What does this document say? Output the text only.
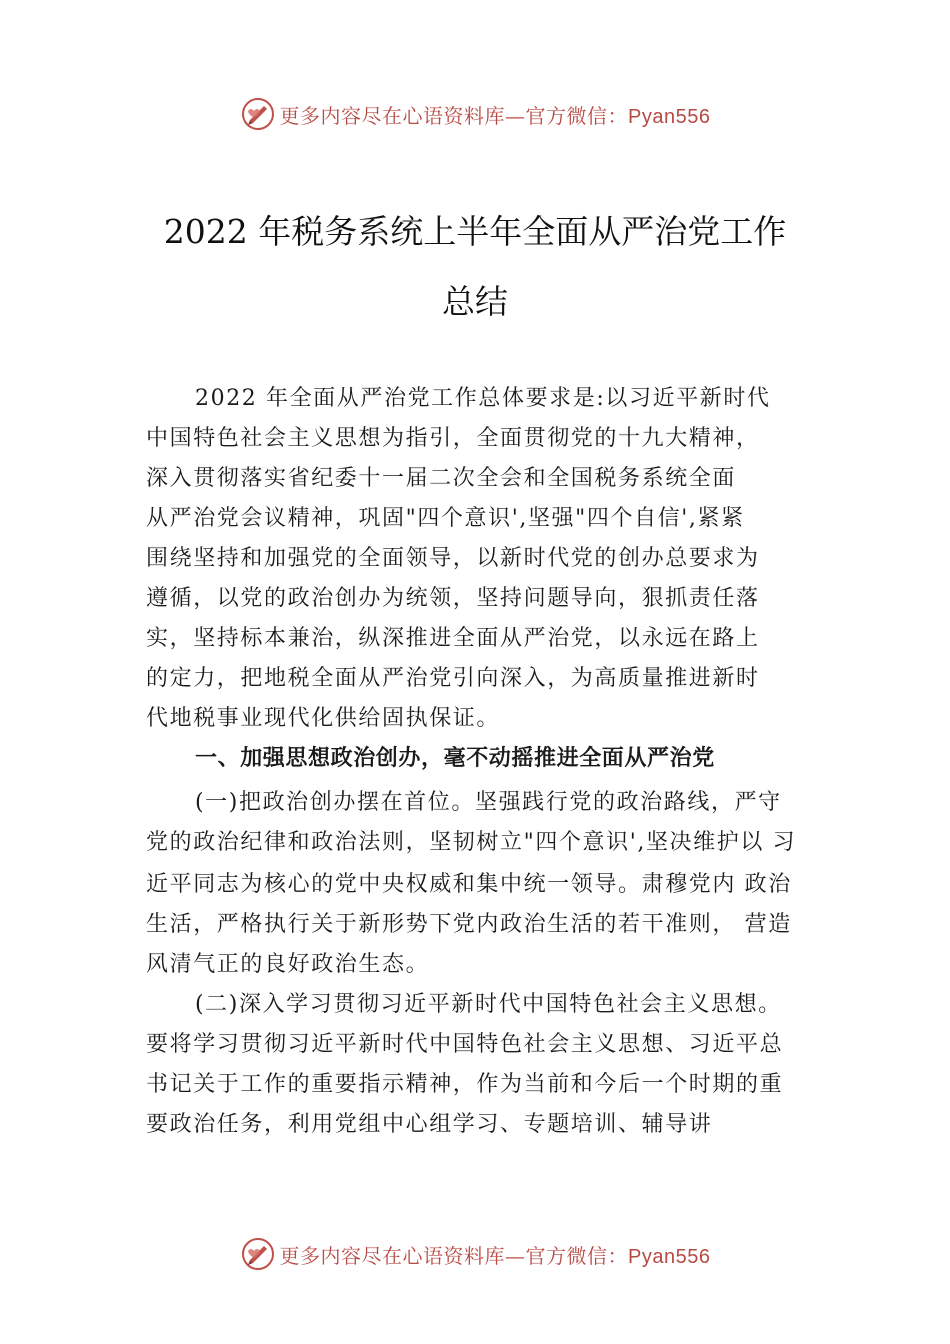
更多内容尽在心语资料库—官方微信：Pyan556
2022 年税务系统上半年全面从严治党工作
总结
2022 年全面从严治党工作总体要求是:以习近平新时代
中国特色社会主义思想为指引，全面贯彻党的十九大精神，
深入贯彻落实省纪委十一届二次全会和全国税务系统全面
从严治党会议精神，巩固"四个意识',坚强"四个自信',紧紧
围绕坚持和加强党的全面领导，以新时代党的创办总要求为
遵循，以党的政治创办为统领，坚持问题导向，狠抓责任落
实，坚持标本兼治，纵深推进全面从严治党，以永远在路上
的定力，把地税全面从严治党引向深入，为高质量推进新时
代地税事业现代化供给固执保证。
一、加强思想政治创办，毫不动摇推进全面从严治党
(一)把政治创办摆在首位。坚强践行党的政治路线，严守
党的政治纪律和政治法则，坚韧树立"四个意识',坚决维护以 习
近平同志为核心的党中央权威和集中统一领导。肃穆党内 政治
生活，严格执行关于新形势下党内政治生活的若干准则， 营造
风清气正的良好政治生态。
(二)深入学习贯彻习近平新时代中国特色社会主义思想。
要将学习贯彻习近平新时代中国特色社会主义思想、习近平总
书记关于工作的重要指示精神，作为当前和今后一个时期的重
要政治任务，利用党组中心组学习、专题培训、辅导讲
更多内容尽在心语资料库—官方微信：Pyan556
